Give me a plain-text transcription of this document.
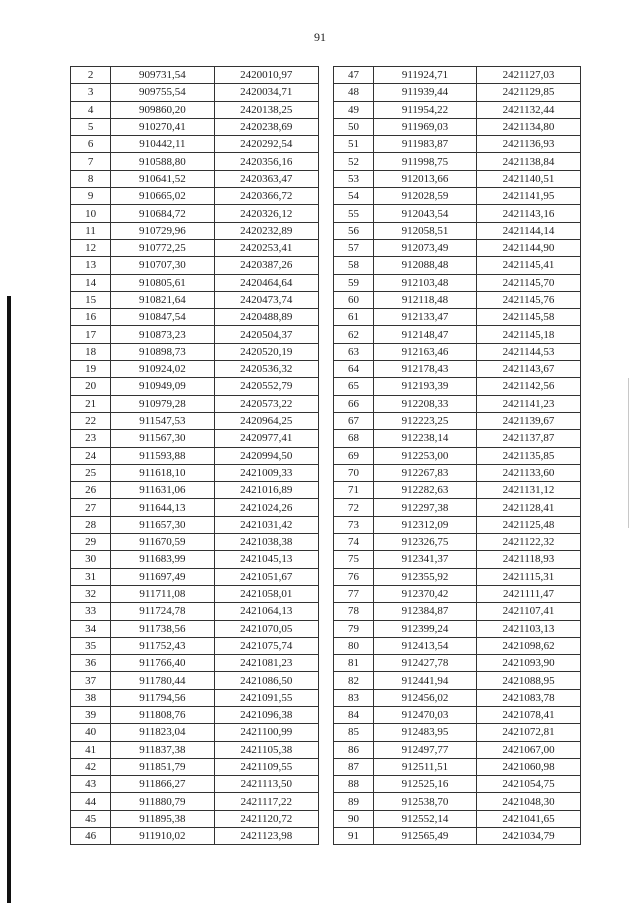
91
2	909731,54	2420010,97
3	909755,54	2420034,71
4	909860,20	2420138,25
5	910270,41	2420238,69
6	910442,11	2420292,54
7	910588,80	2420356,16
8	910641,52	2420363,47
9	910665,02	2420366,72
10	910684,72	2420326,12
11	910729,96	2420232,89
12	910772,25	2420253,41
13	910707,30	2420387,26
14	910805,61	2420464,64
15	910821,64	2420473,74
16	910847,54	2420488,89
17	910873,23	2420504,37
18	910898,73	2420520,19
19	910924,02	2420536,32
20	910949,09	2420552,79
21	910979,28	2420573,22
22	911547,53	2420964,25
23	911567,30	2420977,41
24	911593,88	2420994,50
25	911618,10	2421009,33
26	911631,06	2421016,89
27	911644,13	2421024,26
28	911657,30	2421031,42
29	911670,59	2421038,38
30	911683,99	2421045,13
31	911697,49	2421051,67
32	911711,08	2421058,01
33	911724,78	2421064,13
34	911738,56	2421070,05
35	911752,43	2421075,74
36	911766,40	2421081,23
37	911780,44	2421086,50
38	911794,56	2421091,55
39	911808,76	2421096,38
40	911823,04	2421100,99
41	911837,38	2421105,38
42	911851,79	2421109,55
43	911866,27	2421113,50
44	911880,79	2421117,22
45	911895,38	2421120,72
46	911910,02	2421123,98
47	911924,71	2421127,03
48	911939,44	2421129,85
49	911954,22	2421132,44
50	911969,03	2421134,80
51	911983,87	2421136,93
52	911998,75	2421138,84
53	912013,66	2421140,51
54	912028,59	2421141,95
55	912043,54	2421143,16
56	912058,51	2421144,14
57	912073,49	2421144,90
58	912088,48	2421145,41
59	912103,48	2421145,70
60	912118,48	2421145,76
61	912133,47	2421145,58
62	912148,47	2421145,18
63	912163,46	2421144,53
64	912178,43	2421143,67
65	912193,39	2421142,56
66	912208,33	2421141,23
67	912223,25	2421139,67
68	912238,14	2421137,87
69	912253,00	2421135,85
70	912267,83	2421133,60
71	912282,63	2421131,12
72	912297,38	2421128,41
73	912312,09	2421125,48
74	912326,75	2421122,32
75	912341,37	2421118,93
76	912355,92	2421115,31
77	912370,42	2421111,47
78	912384,87	2421107,41
79	912399,24	2421103,13
80	912413,54	2421098,62
81	912427,78	2421093,90
82	912441,94	2421088,95
83	912456,02	2421083,78
84	912470,03	2421078,41
85	912483,95	2421072,81
86	912497,77	2421067,00
87	912511,51	2421060,98
88	912525,16	2421054,75
89	912538,70	2421048,30
90	912552,14	2421041,65
91	912565,49	2421034,79
